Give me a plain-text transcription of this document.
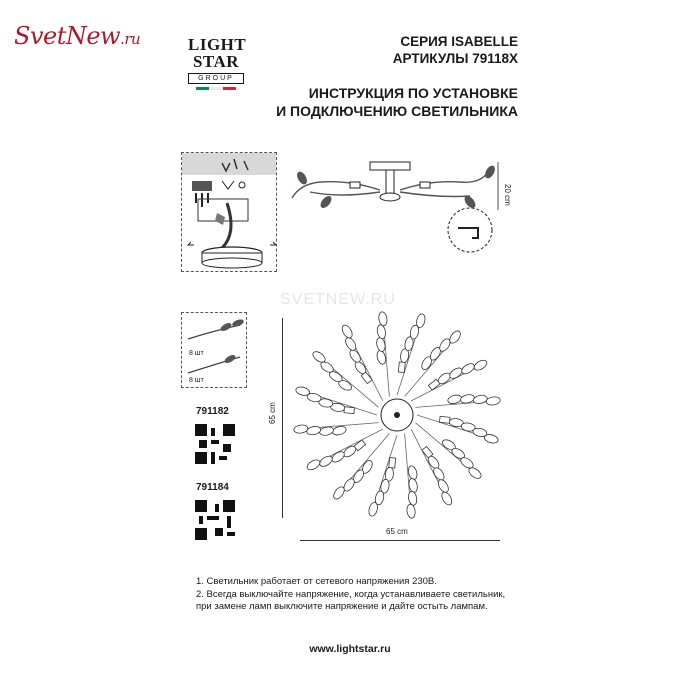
SvetNew.ru	LIGHT
STAR
GROUP
СЕРИЯ ISABELLE
АРТИКУЛЫ 79118X
ИНСТРУКЦИЯ ПО УСТАНОВКЕ
И ПОДКЛЮЧЕНИЮ СВЕТИЛЬНИКА
20 cm
8 шт
8 шт
791182
791184
SVETNEW.RU
65 cm
65 cm
1. Светильник работает от сетевого напряжения 230В.
2. Всегда выключайте напряжение, когда устанавливаете светильник,
при замене ламп выключите напряжение и дайте остыть лампам.
www.lightstar.ru
